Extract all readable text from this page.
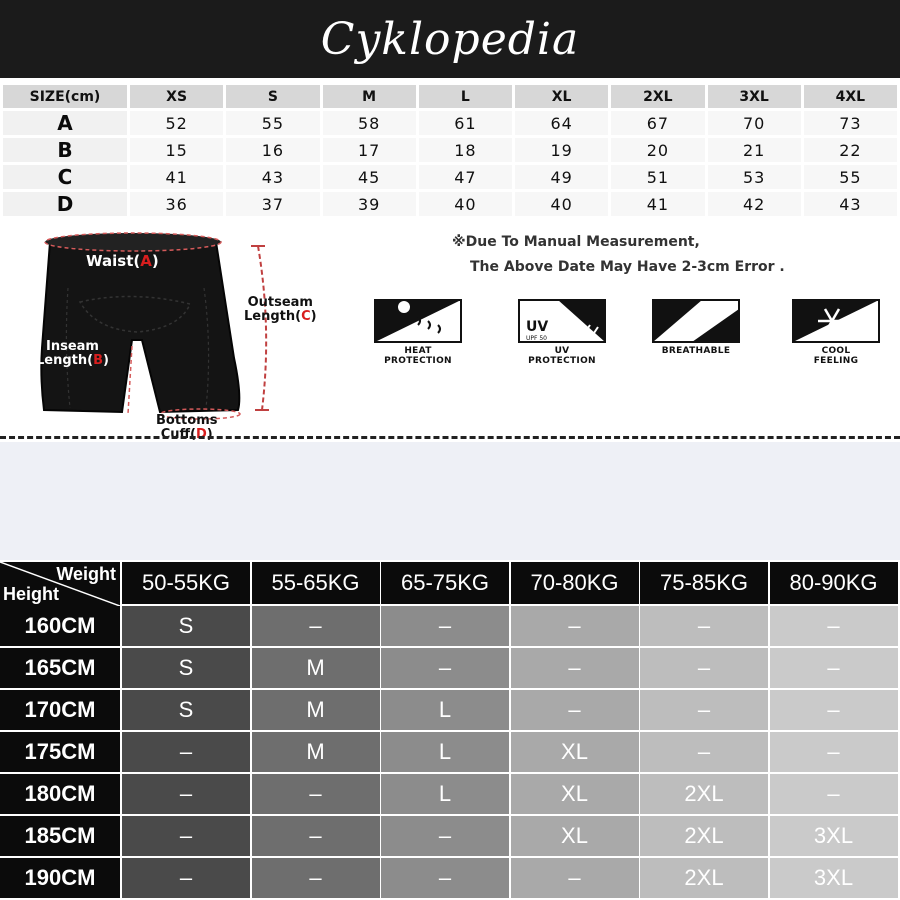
Cyklopedia
SIZE(cm)	XS	S	M	L	XL	2XL	3XL	4XL
A	52	55	58	61	64	67	70	73
B	15	16	17	18	19	20	21	22
C	41	43	45	47	49	51	53	55
D	36	37	39	40	40	41	42	43
Waist(A)
Outseam
Length(C)
Inseam
Length(B)
Bottoms
Cuff(D)
※Due To Manual Measurement,
The Above Date May Have 2-3cm Error .
HEAT
PROTECTION
UV
UPF 50
UV
PROTECTION
BREATHABLE	COOL
FEELING
Weight
Height	50-55KG	55-65KG	65-75KG	70-80KG	75-85KG	80-90KG
160CM	S	–	–	–	–	–
165CM	S	M	–	–	–	–
170CM	S	M	L	–	–	–
175CM	–	M	L	XL	–	–
180CM	–	–	L	XL	2XL	–
185CM	–	–	–	XL	2XL	3XL
190CM	–	–	–	–	2XL	3XL
